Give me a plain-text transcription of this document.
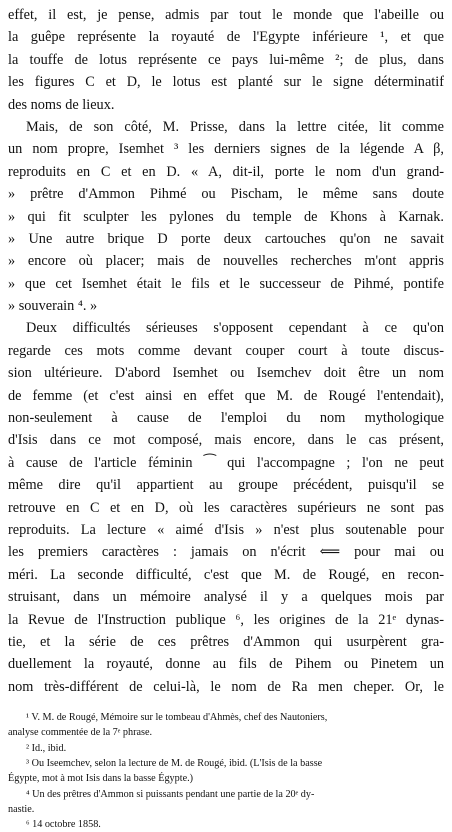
effet, il est, je pense, admis par tout le monde que l'abeille ou
la guêpe représente la royauté de l'Egypte inférieure ¹, et que
la touffe de lotus représente ce pays lui-même ²; de plus, dans
les figures C et D, le lotus est planté sur le signe déterminatif
des noms de lieux.
Mais, de son côté, M. Prisse, dans la lettre citée, lit comme
un nom propre, Isemhet ³ les derniers signes de la légende A β,
reproduits en C et en D. « A, dit-il, porte le nom d'un grand-
» prêtre d'Ammon Pihmé ou Pischam, le même sans doute
» qui fit sculpter les pylones du temple de Khons à Karnak.
» Une autre brique D porte deux cartouches qu'on ne savait
» encore où placer; mais de nouvelles recherches m'ont appris
» que cet Isemhet était le fils et le successeur de Pihmé, pontife
» souverain ⁴. »
Deux difficultés sérieuses s'opposent cependant à ce qu'on
regarde ces mots comme devant couper court à toute discus-
sion ultérieure. D'abord Isemhet ou Isemchev doit être un nom
de femme (et c'est ainsi en effet que M. de Rougé l'entendait),
non-seulement à cause de l'emploi du nom mythologique
d'Isis dans ce mot composé, mais encore, dans le cas présent,
à cause de l'article féminin ⁀ qui l'accompagne ; l'on ne peut
même dire qu'il appartient au groupe précédent, puisqu'il se
retrouve en C et en D, où les caractères supérieurs ne sont pas
reproduits. La lecture « aimé d'Isis » n'est plus soutenable pour
les premiers caractères : jamais on n'écrit ⟸ pour mai ou
méri. La seconde difficulté, c'est que M. de Rougé, en recon-
struisant, dans un mémoire analysé il y a quelques mois par
la Revue de l'Instruction publique ⁶, les origines de la 21ᵉ dynas-
tie, et la série de ces prêtres d'Ammon qui usurpèrent gra-
duellement la royauté, donne au fils de Pihem ou Pinetem un
nom très-différent de celui-là, le nom de Ra men cheper. Or, le
¹ V. M. de Rougé, Mémoire sur le tombeau d'Ahmès, chef des Nautoniers,
analyse commentée de la 7ᵉ phrase.
² Id., ibid.
³ Ou Iseemchev, selon la lecture de M. de Rougé, ibid. (L'Isis de la basse
Égypte, mot à mot Isis dans la basse Égypte.)
⁴ Un des prêtres d'Ammon si puissants pendant une partie de la 20ᵉ dy-
nastie.
⁶ 14 octobre 1858.
